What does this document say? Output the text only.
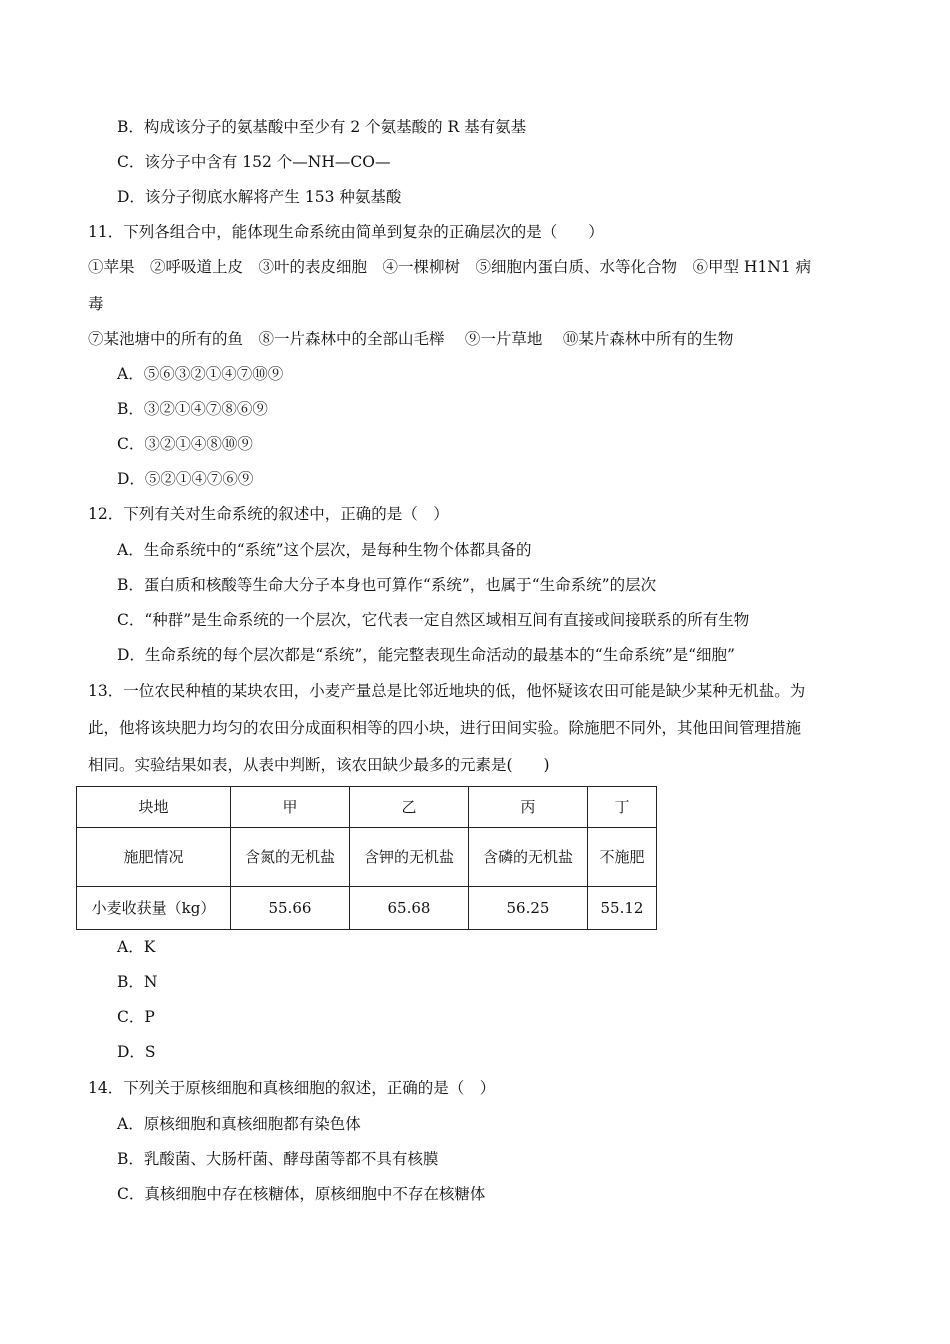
B．构成该分子的氨基酸中至少有 2 个氨基酸的 R 基有氨基
C．该分子中含有 152 个—NH—CO—
D．该分子彻底水解将产生 153 种氨基酸
11．下列各组合中，能体现生命系统由简单到复杂的正确层次的是（　　）
①苹果　②呼吸道上皮　③叶的表皮细胞　④一棵柳树　⑤细胞内蛋白质、水等化合物　⑥甲型 H1N1 病
毒
⑦某池塘中的所有的鱼　⑧一片森林中的全部山毛榉　 ⑨一片草地　 ⑩某片森林中所有的生物
A．⑤⑥③②①④⑦⑩⑨
B．③②①④⑦⑧⑥⑨
C．③②①④⑧⑩⑨
D．⑤②①④⑦⑥⑨
12．下列有关对生命系统的叙述中，正确的是（　）
A．生命系统中的“系统”这个层次，是每种生物个体都具备的
B．蛋白质和核酸等生命大分子本身也可算作“系统”，也属于“生命系统”的层次
C．“种群”是生命系统的一个层次，它代表一定自然区域相互间有直接或间接联系的所有生物
D．生命系统的每个层次都是“系统”，能完整表现生命活动的最基本的“生命系统”是“细胞”
13．一位农民种植的某块农田，小麦产量总是比邻近地块的低，他怀疑该农田可能是缺少某种无机盐。为
此，他将该块肥力均匀的农田分成面积相等的四小块，进行田间实验。除施肥不同外，其他田间管理措施
相同。实验结果如表，从表中判断，该农田缺少最多的元素是(　　)
块地	甲	乙	丙	丁
施肥情况	含氮的无机盐	含钾的无机盐	含磷的无机盐	不施肥
小麦收获量（kg）	55.66	65.68	56.25	55.12
A．K
B．N
C．P
D．S
14．下列关于原核细胞和真核细胞的叙述，正确的是（　）
A．原核细胞和真核细胞都有染色体
B．乳酸菌、大肠杆菌、酵母菌等都不具有核膜
C．真核细胞中存在核糖体，原核细胞中不存在核糖体
